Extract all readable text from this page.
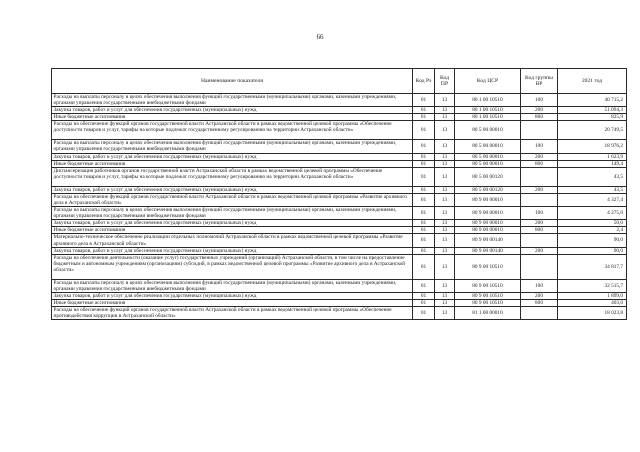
66
Наименование показателя	Код Рз	Код ПР	Код ЦСР	Код группы ВР	2021 год
Расходы на выплаты персоналу в целях обеспечения выполнения функций государственными (муниципальными) органами, казенными учреждениями, органами управления государственными внебюджетными фондами	01	13	80 1 00 10510	100	40 715,2
Закупка товаров, работ и услуг для обеспечения государственных (муниципальных) нужд	01	13	80 1 00 10510	200	51 094,3
Иные бюджетные ассигнования	01	13	80 1 00 10510	800	825,9
Расходы на обеспечение функций органов государственной власти Астраханской области в рамках ведомственной целевой программы «Обеспечение доступности товаров и услуг, тарифы на которые подлежат государственному регулированию на территории Астраханской области»	01	13	80 5 00 00010		20 749,5
Расходы на выплаты персоналу в целях обеспечения выполнения функций государственными (муниципальными) органами, казенными учреждениями, органами управления государственными внебюджетными фондами	01	13	80 5 00 00010	100	18 976,2
Закупка товаров, работ и услуг для обеспечения государственных (муниципальных) нужд	01	13	80 5 00 00010	200	1 623,9
Иные бюджетные ассигнования	01	13	80 5 00 00010	800	149,4
Диспансеризация работников органов государственной власти Астраханской области в рамках ведомственной целевой программы «Обеспечение доступности товаров и услуг, тарифы на которые подлежат государственному регулированию на территории Астраханской области»	01	13	80 5 00 00120		43,5
Закупка товаров, работ и услуг для обеспечения государственных (муниципальных) нужд	01	13	80 5 00 00120	200	43,5
Расходы на обеспечение функций органов государственной власти Астраханской области в рамках ведомственной целевой программы «Развитие архивного дела в Астраханской области»	01	13	80 9 00 00010		4 327,4
Расходы на выплаты персоналу в целях обеспечения выполнения функций государственными (муниципальными) органами, казенными учреждениями, органами управления государственными внебюджетными фондами	01	13	80 9 00 00010	100	4 275,0
Закупка товаров, работ и услуг для обеспечения государственных (муниципальных) нужд	01	13	80 9 00 00010	200	50,0
Иные бюджетные ассигнования	01	13	80 9 00 00010	800	2,4
Материально-техническое обеспечение реализации отдельных полномочий Астраханской области в рамках ведомственной целевой программы «Развитие архивного дела в Астраханской области»	01	13	80 9 00 00140		90,0
Закупка товаров, работ и услуг для обеспечения государственных (муниципальных) нужд	01	13	80 9 00 00140	200	90,0
Расходы на обеспечение деятельности (оказание услуг) государственных учреждений (организаций) Астраханской области, в том числе на предоставление бюджетным и автономным учреждениям (организациям) субсидий, в рамках ведомственной целевой программы «Развитие архивного дела в Астраханской области»	01	13	80 9 00 10510		34 817,7
Расходы на выплаты персоналу в целях обеспечения выполнения функций государственными (муниципальными) органами, казенными учреждениями, органами управления государственными внебюджетными фондами	01	13	80 9 00 10510	100	32 515,7
Закупка товаров, работ и услуг для обеспечения государственных (муниципальных) нужд	01	13	80 9 00 10510	200	1 899,0
Иные бюджетные ассигнования	01	13	80 9 00 10510	800	403,0
Расходы на обеспечение функций органов государственной власти Астраханской области в рамках ведомственной целевой программы «Обеспечение противодействия коррупции в Астраханской области»	01	13	81 1 00 00010		18 023,8
